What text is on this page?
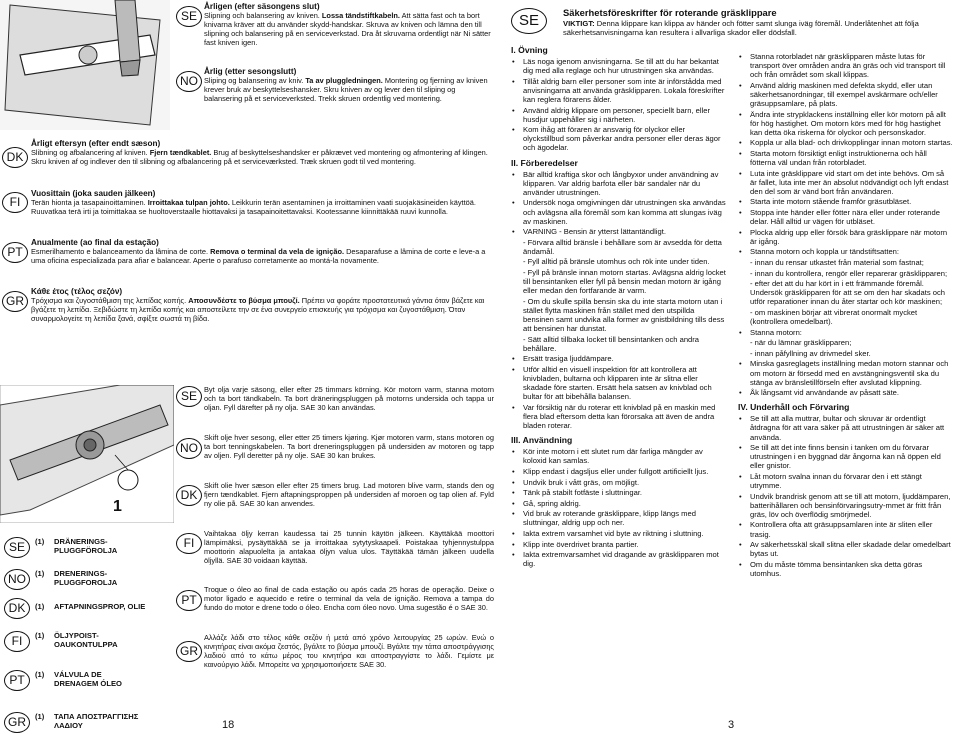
SE
Årligen (efter säsongens slut)

Slipning och balansering av kniven. Lossa tändstiftkabeln. Att sätta fast och ta bort knivarna kräver att du använder skydd-handskar. Skruva av kniven och lämna den till slipning och balansering på en serviceverkstad. Dra åt skruvarna ordentligt när Ni sätter fast kniven igen.

NO
Årlig (etter sesongslutt)

Sliping og balansering av kniv. Ta av pluggledningen. Montering og fjerning av kniven krever bruk av beskyttelseshansker. Skru kniven av og lever den til sliping og balansering på et serviceverksted. Trekk skruen ordentlig ved montering.

DK
Årligt eftersyn (efter endt sæson)

Slibning og afbalancering af kniven. Fjern tændkablet. Brug af beskyttelseshandsker er påkrævet ved montering og afmontering af klingen. Skru kniven af og indlever den til slibning og afbalancering på et serviceværksted. Træk skruen godt til ved montering.

FI
Vuosittain (joka sauden jälkeen)

Terän hionta ja tasapainoittaminen. Irroittakaa tulpan johto. Leikkurin terän asentaminen ja irroittaminen vaati suojakäsineiden käyttöä. Ruuvatkaa terä irti ja toimittakaa se huoltoverstaalle hiottavaksi ja tasapainoitettavaksi. Kootessanne kiinnittäkää ruuvi kunnolla.

PT
Anualmente (ao final da estação)

Esmerilhamento e balanceamento da lâmina de corte. Remova o terminal da vela de ignição. Desaparafuse a lâmina de corte e leve-a a uma oficina especializada para afiar e balancear. Aperte o parafuso corretamente ao montá-la novamente.

GR
Κάθε έτος (τέλος σεζόν)

Τρόχισμα και ζυγοστάθμιση της λεπίδας κοπής. Αποσυνδέστε το βύσμα μπουζί. Πρέπει να φοράτε προστατευτικά γάντια όταν βάζετε και βγάζετε τη λεπίδα. Ξεβιδώστε τη λεπίδα κοπής και αποστείλετε την σε ένα συνεργείο επισκευής για τρόχισμα και ζυγοστάθμιση. Όταν συναρμολογείτε τη λεπίδα ξανά, σφίξτε σωστά τη βίδα.

1
SE	(1) DRÄNERINGS-
PLUGGFÖROLJA
NO	(1) DRENERINGS-
PLUGGFOROLJA
DK	(1) AFTAPNINGSPROP, OLIE
FI	(1) ÖLJYPOIST-
OAUKONTULPPA
PT	(1) VÁLVULA DE
DRENAGEM ÓLEO
GR	(1) ΤΑΠΑ ΑΠΟΣΤΡΑΓΓΙΣΗΣ
ΛΑΔΙΟΥ
SE Byt olja varje säsong, eller efter 25 timmars körning. Kör motorn varm, stanna motorn och ta bort tändkabeln. Ta bort dräneringspluggen på motorns undersida och tappa ur oljan. Fyll därefter på ny olja. SAE 30 kan användas.
NO
Skift olje hver sesong, eller etter 25 timers kjøring. Kjør motoren varm, stans motoren og ta bort tenningskabelen. Ta bort dreneringspluggen på undersiden av motoren og tapp av oljen. Fyll deretter på ny olje. SAE 30 kan brukes.
DK
Skift olie hver sæson eller efter 25 timers brug. Lad motoren blive varm, stands den og fjern tændkablet. Fjern aftapningsproppen på undersiden af moroen og tap olien af. Fyld ny olie på. SAE 30 kan anvendes.
FI
Vaihtakaa öljy kerran kaudessa tai 25 tunnin käytön jälkeen. Käyttäkää moottori lämpimäksi, pysäyttäkää se ja irroittakaa sytytyskaapeli. Poistakaa tyhjennystulppa moottorin alapuolelta ja antakaa öljyn valua ulos. Täyttäkää tämän jälkeen uudella öljyllä. SAE 30 voidaan käyttää.
PT
Troque o óleo ao final de cada estação ou após cada 25 horas de operação. Deixe o motor ligado e aquecido e retire o terminal da vela de ignição. Remova a tampa do fundo do motor e drene todo o óleo. Encha com óleo novo. Uma sugestão é o SAE 30.
GR
Αλλάζε λάδι στο τέλος κάθε σεζόν ή μετά από χρόνο λειτουργίας 25 ωρών. Ενώ ο κινητήρας είναι ακόμα ζεστός, βγάλτε το βύσμα μπουζί. Βγάλτε την τάπα αποστράγγισης λαδιού από το κάτω μέρος του κινητήρα και αποστραγγίστε το λάδι. Γεμίστε με καινούργιο λάδι. Μπορείτε να χρησιμοποιήσετε SAE 30.
SE	Säkerhetsföreskrifter för roterande gräsklippare
VIKTIGT: Denna klippare kan klippa av händer och fötter samt slunga iväg föremål. Underlåtenhet att följa säkerhetsanvisningarna kan resultera i allvarliga skador eller dödsfall.
I. Övning
• Läs noga igenom anvisningarna. Se till att du har bekantat dig med alla reglage och hur utrustningen ska användas.
• Tillåt aldrig barn eller personer som inte är införstådda med anvisningarna att använda gräsklipparen. Lokala föreskrifter kan reglera förarens ålder.
• Använd aldrig klippare om personer, speciellt barn, eller husdjur uppehåller sig i närheten.
• Kom ihåg att föraren är ansvarig för olyckor eller olyckstillbud som påverkar andra personer eller deras ägor och ägodelar.
II. Förberedelser
• Bär alltid kraftiga skor och långbyxor under användning av klipparen. Var aldrig barfota eller bär sandaler när du använder utrustningen.
• Undersök noga omgivningen där utrustningen ska användas och avlägsna alla föremål som kan komma att slungas iväg av maskinen.
• VARNING - Bensin är ytterst lättantändligt.
- Förvara alltid bränsle i behållare som är avsedda för detta ändamål.
- Fyll alltid på bränsle utomhus och rök inte under tiden.
- Fyll på bränsle innan motorn startas. Avlägsna aldrig locket till bensintanken eller fyll på bensin medan motorn är igång eller medan den fortfarande är varm.
- Om du skulle spilla bensin ska du inte starta motorn utan i stället flytta maskinen från stället med den utspillda bensinen samt undvika alla former av gnistbildning tills dess att bensinen har dunstat.
- Sätt alltid tillbaka locket till bensintanken och andra behållare.
• Ersätt trasiga ljuddämpare.
• Utför alltid en visuell inspektion för att kontrollera att knivbladen, bultarna och klipparen inte är slitna eller skadade före starten. Ersätt hela satsen av knivblad och bultar för att bibehålla balansen.
• Var försiktig när du roterar ett knivblad på en maskin med flera blad eftersom detta kan förorsaka att även de andra bladen roterar.
III. Användning
• Kör inte motorn i ett slutet rum där farliga mängder av koloxid kan samlas.
• Klipp endast i dagsljus eller under fullgott artificiellt ljus.
• Undvik bruk i vått gräs, om möjligt.
• Tänk på stabilt fotfäste i sluttningar.
• Gå, spring aldrig.
• Vid bruk av roterande gräsklippare, klipp längs med sluttningar, aldrig upp och ner.
• Iakta extrem varsamhet vid byte av riktning i sluttning.
• Klipp inte överdrivet branta partier.
• Iakta extremvarsamhet vid dragande av gräsklipparen mot dig.
• Stanna rotorbladet när gräsklipparen måste lutas för transport över områden andra än gräs och vid transport till och från området som skall klippas.
• Använd aldrig maskinen med defekta skydd, eller utan säkerhetsanordningar, till exempel avskärmare och/eller gräsuppsamlare, på plats.
• Ändra inte strypklackens inställning eller kör motorn på allt för hög hastighet. Om motorn körs med för hög hastighet kan detta öka riskerna för olyckor och personskador.
• Koppla ur alla blad- och drivkopplingar innan motorn startas.
• Starta motorn försiktigt enligt instruktionerna och håll fötterna väl undan från rotorbladet.
• Luta inte gräsklippare vid start om det inte behövs. Om så är fallet, luta inte mer än absolut nödvändigt och lyft endast den del som är vänd bort från användaren.
• Starta inte motorn stående framför gräsutbläset.
• Stoppa inte händer eller fötter nära eller under roterande delar. Håll alltid ur vägen för utbläset.
• Plocka aldrig upp eller försök bära gräsklippare när motorn är igång.
• Stanna motorn och koppla ur tändstiftsatten:
- innan du rensar utkastet från material som fastnat;
- innan du kontrollera, rengör eller reparerar gräsklipparen;
- efter det att du har kört in i ett främmande föremål. Undersök gräsklipparen för att se om den har skadats och utför reparationer innan du åter startar och kör maskinen;
- om maskinen börjar att vibrerat onormalt mycket (kontrollera omedelbart).
• Stanna motorn:
- när du lämnar gräsklipparen;
- innan påfyllning av drivmedel sker.
• Minska gasreglagets inställning medan motorn stannar och om motorn är försedd med en avstängningsventil ska du stänga av bränsletillförseln efter avslutad klippning.
• Åk långsamt vid användande av påsatt säte.
IV. Underhåll och Förvaring
• Se till att alla muttrar, bultar och skruvar är ordentligt åtdragna för att vara säker på att utrustningen är säker att använda.
• Se till att det inte finns bensin i tanken om du förvarar utrustningen i en byggnad där ångorna kan nå öppen eld eller gnistor.
• Låt motorn svalna innan du förvarar den i ett stängt utrymme.
• Undvik brandrisk genom att se till att motorn, ljuddämparen, batterihållaren och bensinförvaringsutry-mmet är fritt från gräs, löv och överflödig smörjmedel.
• Kontrollera ofta att gräsuppsamlaren inte är sliten eller trasig.
• Av säkerhetsskäl skall slitna eller skadade delar omedelbart bytas ut.
• Om du måste tömma bensintanken ska detta göras utomhus.
18	3
